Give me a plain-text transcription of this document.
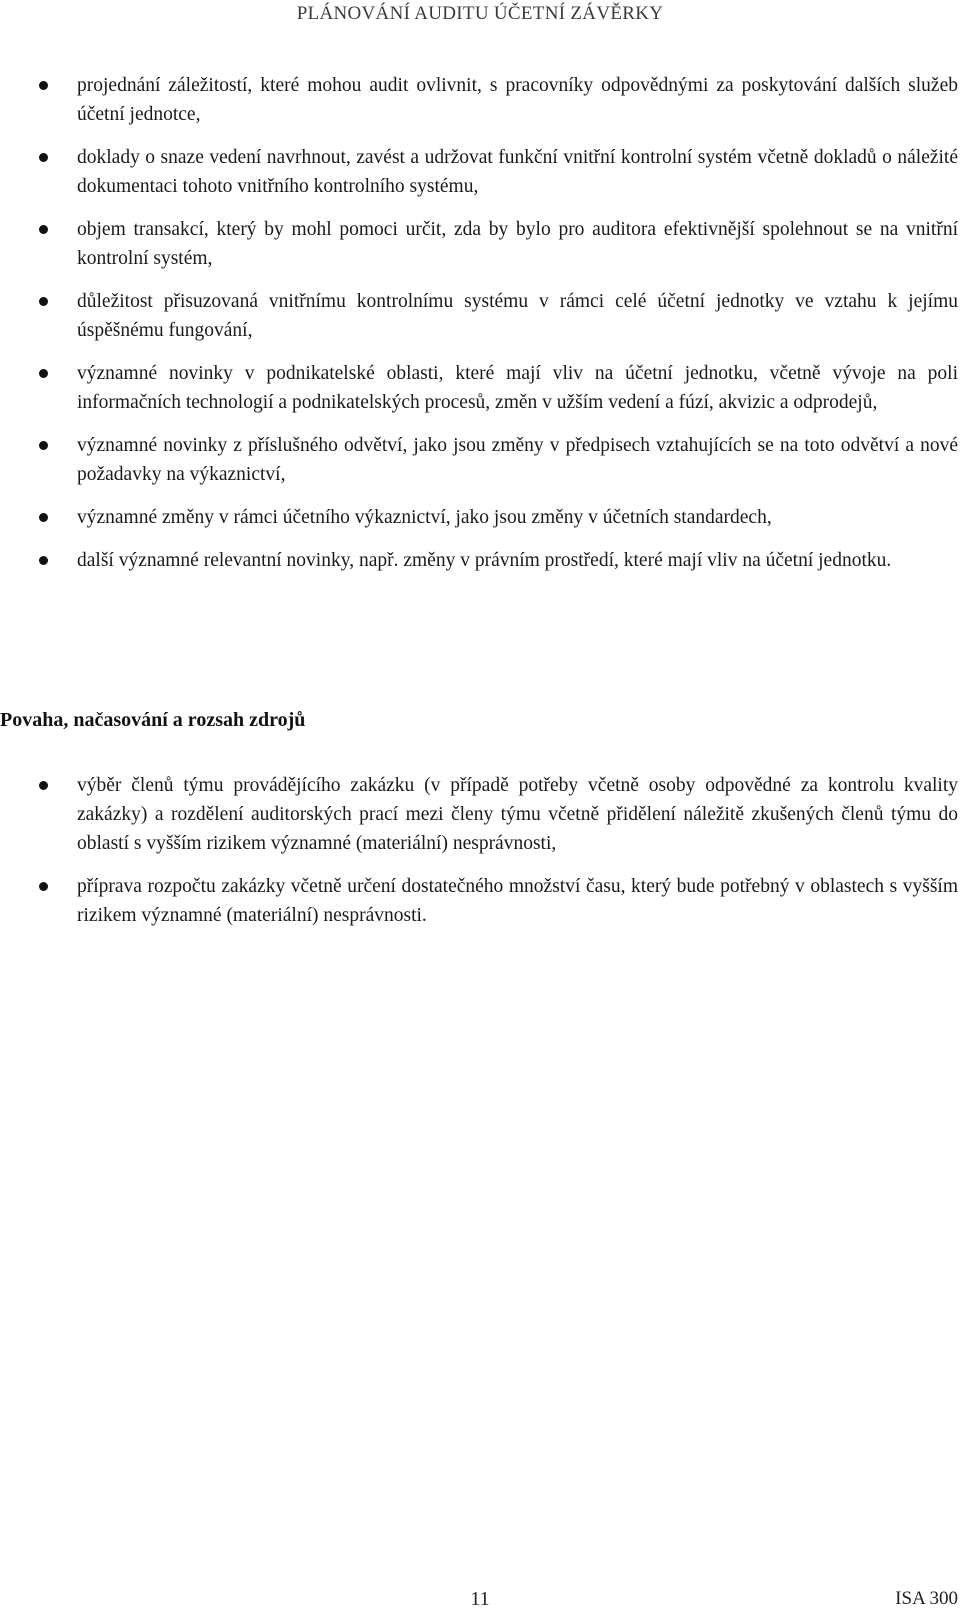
PLÁNOVÁNÍ AUDITU ÚČETNÍ ZÁVĚRKY
projednání záležitostí, které mohou audit ovlivnit, s pracovníky odpovědnými za poskytování dalších služeb účetní jednotce,
doklady o snaze vedení navrhnout, zavést a udržovat funkční vnitřní kontrolní systém včetně dokladů o náležité dokumentaci tohoto vnitřního kontrolního systému,
objem transakcí, který by mohl pomoci určit, zda by bylo pro auditora efektivnější spolehnout se na vnitřní kontrolní systém,
důležitost přisuzovaná vnitřnímu kontrolnímu systému v rámci celé účetní jednotky ve vztahu k jejímu úspěšnému fungování,
významné novinky v podnikatelské oblasti, které mají vliv na účetní jednotku, včetně vývoje na poli informačních technologií a podnikatelských procesů, změn v užším vedení a fúzí, akvizic a odprodejů,
významné novinky z příslušného odvětví, jako jsou změny v předpisech vztahujících se na toto odvětví a nové požadavky na výkaznictví,
významné změny v rámci účetního výkaznictví, jako jsou změny v účetních standardech,
další významné relevantní novinky, např. změny v právním prostředí, které mají vliv na účetní jednotku.
Povaha, načasování a rozsah zdrojů
výběr členů týmu provádějícího zakázku (v případě potřeby včetně osoby odpovědné za kontrolu kvality zakázky) a rozdělení auditorských prací mezi členy týmu včetně přidělení náležitě zkušených členů týmu do oblastí s vyšším rizikem významné (materiální) nesprávnosti,
příprava rozpočtu zakázky včetně určení dostatečného množství času, který bude potřebný v oblastech s vyšším rizikem významné (materiální) nesprávnosti.
11	ISA 300
